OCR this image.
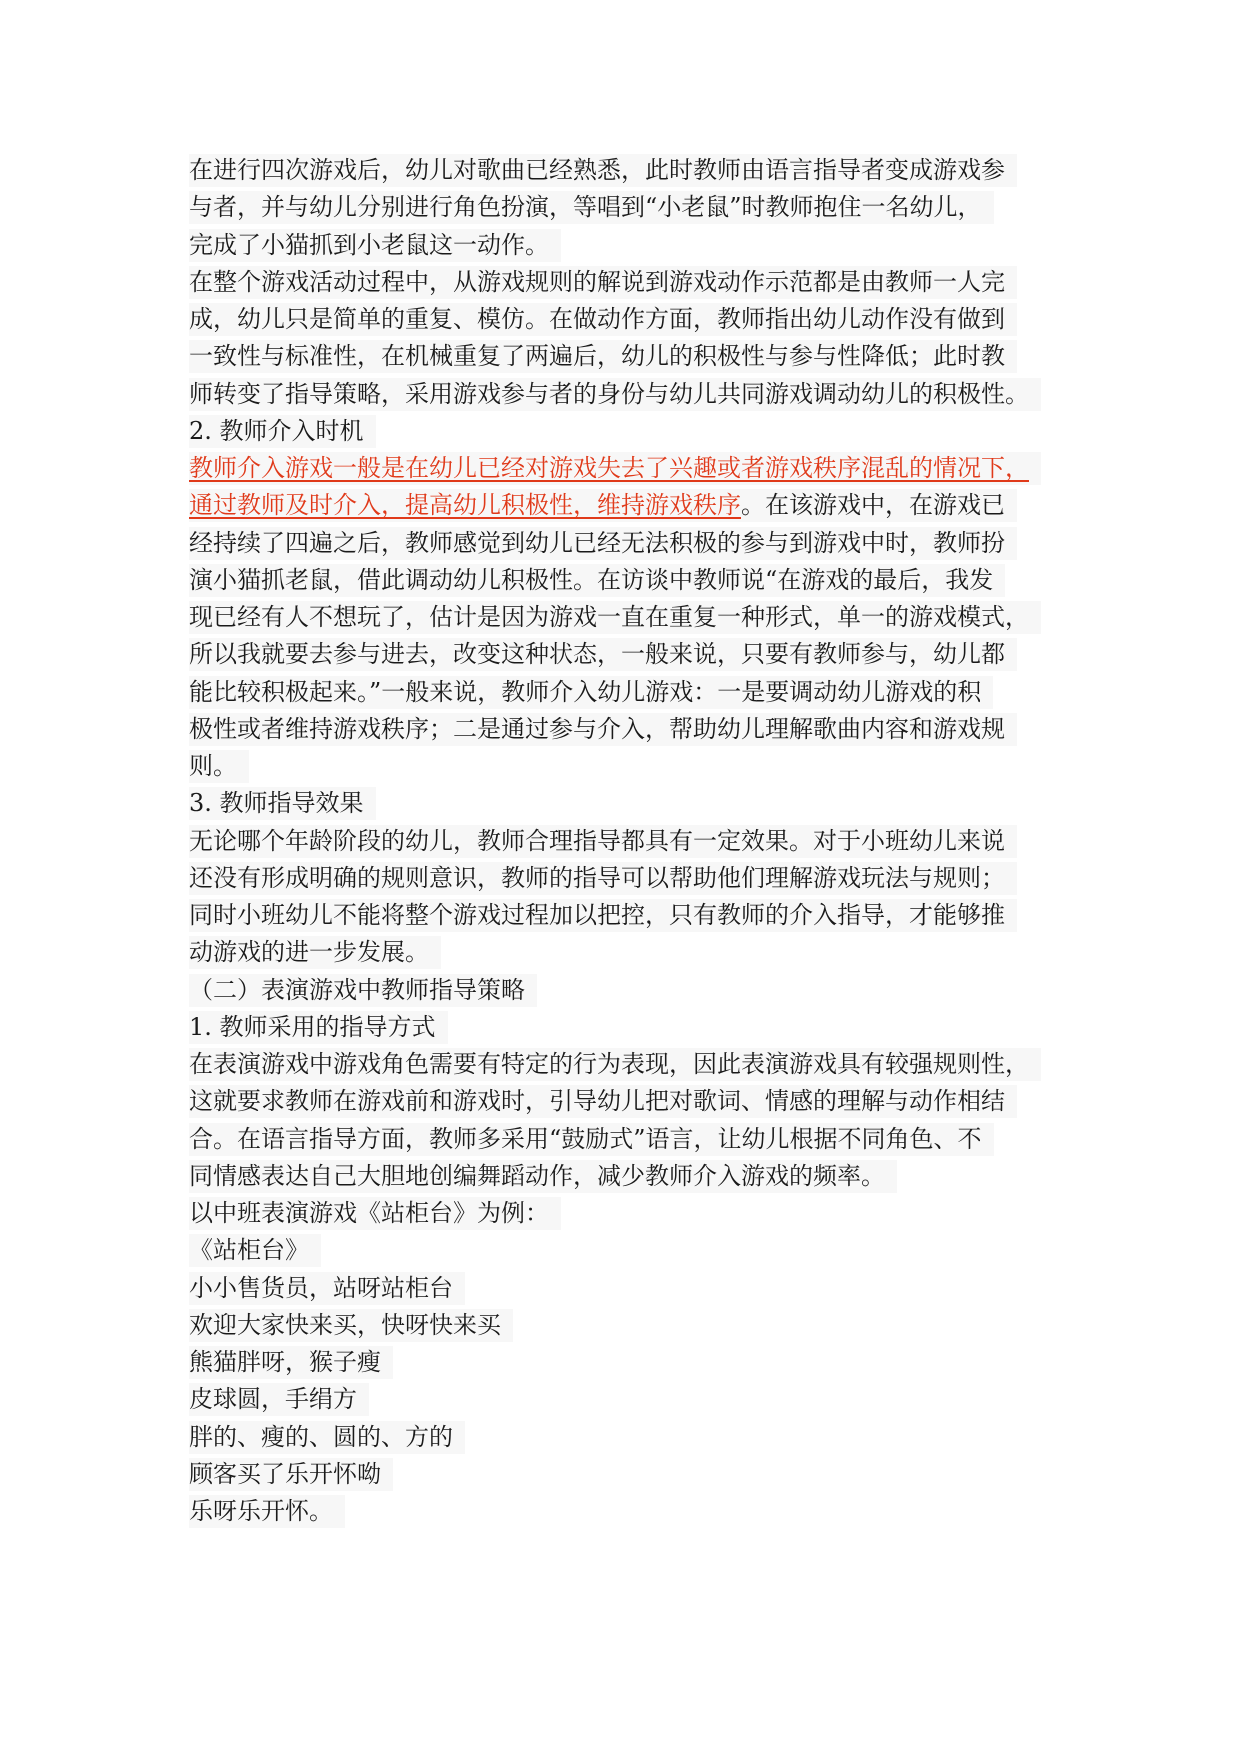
在进行四次游戏后，幼儿对歌曲已经熟悉，此时教师由语言指导者变成游戏参
与者，并与幼儿分别进行角色扮演，等唱到“小老鼠”时教师抱住一名幼儿，
完成了小猫抓到小老鼠这一动作。
在整个游戏活动过程中，从游戏规则的解说到游戏动作示范都是由教师一人完
成，幼儿只是简单的重复、模仿。在做动作方面，教师指出幼儿动作没有做到
一致性与标准性，在机械重复了两遍后，幼儿的积极性与参与性降低；此时教
师转变了指导策略，采用游戏参与者的身份与幼儿共同游戏调动幼儿的积极性。
2. 教师介入时机
教师介入游戏一般是在幼儿已经对游戏失去了兴趣或者游戏秩序混乱的情况下，
通过教师及时介入，提高幼儿积极性，维持游戏秩序。在该游戏中，在游戏已
经持续了四遍之后，教师感觉到幼儿已经无法积极的参与到游戏中时，教师扮
演小猫抓老鼠，借此调动幼儿积极性。在访谈中教师说“在游戏的最后，我发
现已经有人不想玩了，估计是因为游戏一直在重复一种形式，单一的游戏模式，
所以我就要去参与进去，改变这种状态，一般来说，只要有教师参与，幼儿都
能比较积极起来。”一般来说，教师介入幼儿游戏：一是要调动幼儿游戏的积
极性或者维持游戏秩序；二是通过参与介入，帮助幼儿理解歌曲内容和游戏规
则。
3. 教师指导效果
无论哪个年龄阶段的幼儿，教师合理指导都具有一定效果。对于小班幼儿来说
还没有形成明确的规则意识，教师的指导可以帮助他们理解游戏玩法与规则；
同时小班幼儿不能将整个游戏过程加以把控，只有教师的介入指导，才能够推
动游戏的进一步发展。
（二）表演游戏中教师指导策略
1. 教师采用的指导方式
在表演游戏中游戏角色需要有特定的行为表现，因此表演游戏具有较强规则性，
这就要求教师在游戏前和游戏时，引导幼儿把对歌词、情感的理解与动作相结
合。在语言指导方面，教师多采用“鼓励式”语言，让幼儿根据不同角色、不
同情感表达自己大胆地创编舞蹈动作，减少教师介入游戏的频率。
以中班表演游戏《站柜台》为例：
《站柜台》
小小售货员，站呀站柜台
欢迎大家快来买，快呀快来买
熊猫胖呀，猴子瘦
皮球圆，手绢方
胖的、瘦的、圆的、方的
顾客买了乐开怀呦
乐呀乐开怀。
